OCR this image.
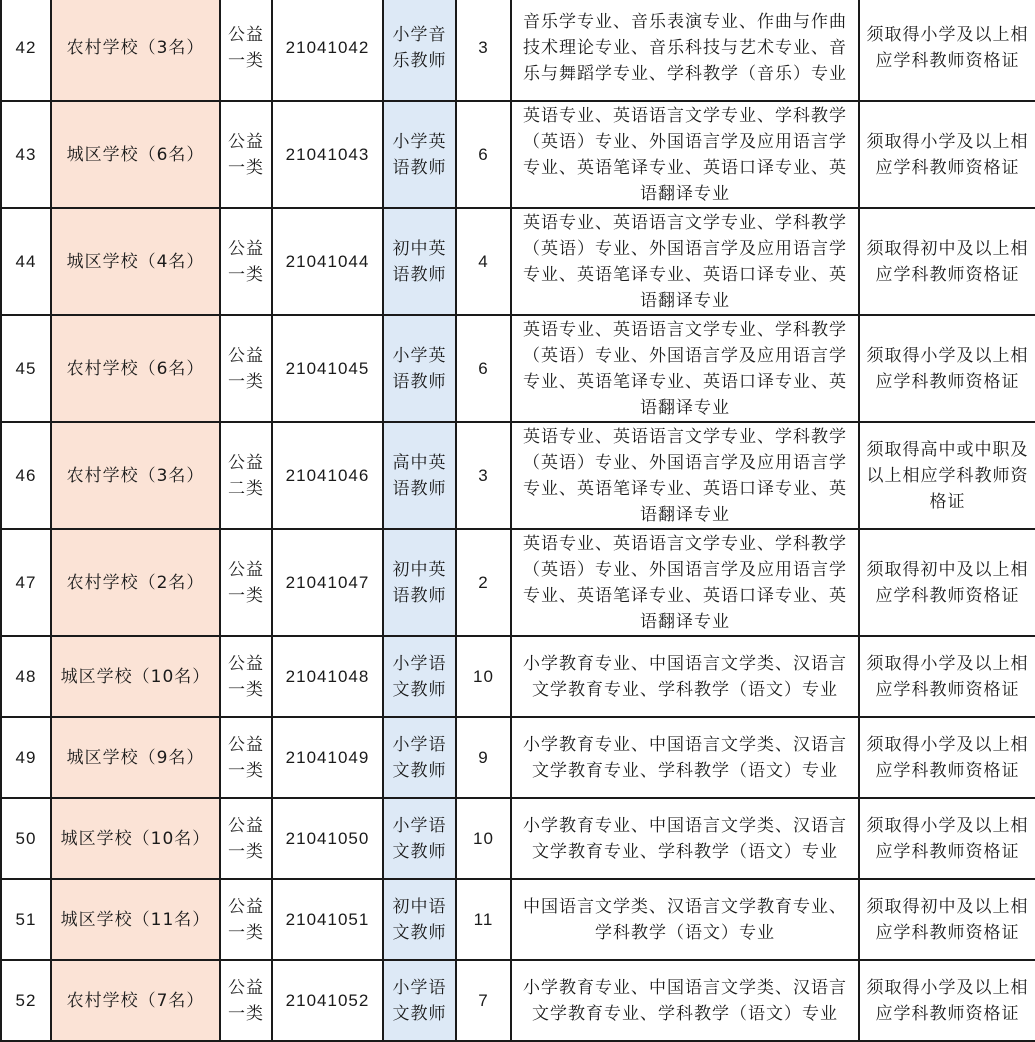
42	农村学校（3名）	公益一类	21041042	小学音乐教师	3	音乐学专业、音乐表演专业、作曲与作曲技术理论专业、音乐科技与艺术专业、音乐与舞蹈学专业、学科教学（音乐）专业	须取得小学及以上相应学科教师资格证
43	城区学校（6名）	公益一类	21041043	小学英语教师	6	英语专业、英语语言文学专业、学科教学（英语）专业、外国语言学及应用语言学专业、英语笔译专业、英语口译专业、英语翻译专业	须取得小学及以上相应学科教师资格证
44	城区学校（4名）	公益一类	21041044	初中英语教师	4	英语专业、英语语言文学专业、学科教学（英语）专业、外国语言学及应用语言学专业、英语笔译专业、英语口译专业、英语翻译专业	须取得初中及以上相应学科教师资格证
45	农村学校（6名）	公益一类	21041045	小学英语教师	6	英语专业、英语语言文学专业、学科教学（英语）专业、外国语言学及应用语言学专业、英语笔译专业、英语口译专业、英语翻译专业	须取得小学及以上相应学科教师资格证
46	农村学校（3名）	公益二类	21041046	高中英语教师	3	英语专业、英语语言文学专业、学科教学（英语）专业、外国语言学及应用语言学专业、英语笔译专业、英语口译专业、英语翻译专业	须取得高中或中职及以上相应学科教师资格证
47	农村学校（2名）	公益一类	21041047	初中英语教师	2	英语专业、英语语言文学专业、学科教学（英语）专业、外国语言学及应用语言学专业、英语笔译专业、英语口译专业、英语翻译专业	须取得初中及以上相应学科教师资格证
48	城区学校（10名）	公益一类	21041048	小学语文教师	10	小学教育专业、中国语言文学类、汉语言文学教育专业、学科教学（语文）专业	须取得小学及以上相应学科教师资格证
49	城区学校（9名）	公益一类	21041049	小学语文教师	9	小学教育专业、中国语言文学类、汉语言文学教育专业、学科教学（语文）专业	须取得小学及以上相应学科教师资格证
50	城区学校（10名）	公益一类	21041050	小学语文教师	10	小学教育专业、中国语言文学类、汉语言文学教育专业、学科教学（语文）专业	须取得小学及以上相应学科教师资格证
51	城区学校（11名）	公益一类	21041051	初中语文教师	11	中国语言文学类、汉语言文学教育专业、学科教学（语文）专业	须取得初中及以上相应学科教师资格证
52	农村学校（7名）	公益一类	21041052	小学语文教师	7	小学教育专业、中国语言文学类、汉语言文学教育专业、学科教学（语文）专业	须取得小学及以上相应学科教师资格证
